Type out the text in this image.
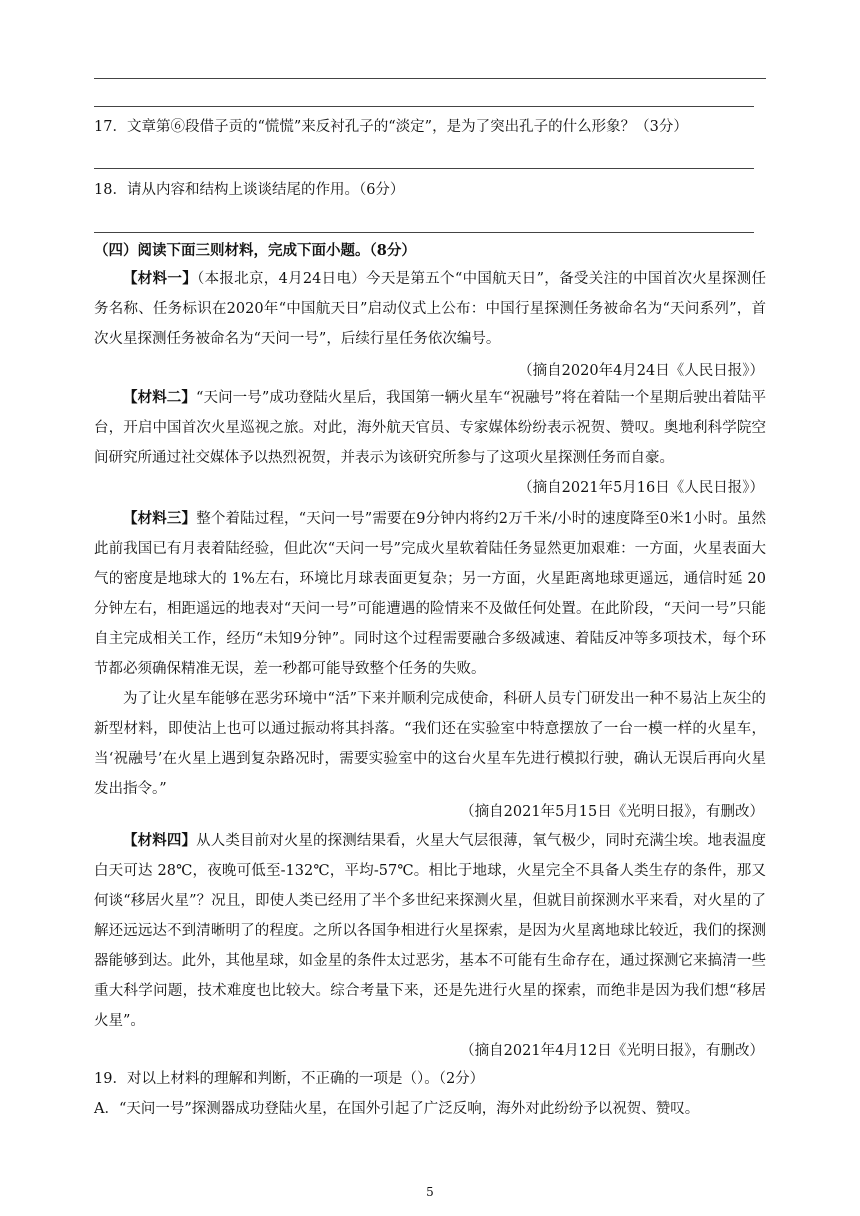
17．文章第⑥段借子贡的“慌慌”来反衬孔子的“淡定”，是为了突出孔子的什么形象？（3分）
18．请从内容和结构上谈谈结尾的作用。（6分）
（四）阅读下面三则材料，完成下面小题。（8分）

【材料一】（本报北京，4月24日电）今天是第五个“中国航天日”，备受关注的中国首次火星探测任务名称、任务标识在2020年“中国航天日”启动仪式上公布：中国行星探测任务被命名为“天问系列”，首次火星探测任务被命名为“天问一号”，后续行星任务依次编号。

（摘自2020年4月24日《人民日报》）

【材料二】“天问一号”成功登陆火星后，我国第一辆火星车“祝融号”将在着陆一个星期后驶出着陆平台，开启中国首次火星巡视之旅。对此，海外航天官员、专家媒体纷纷表示祝贺、赞叹。奥地利科学院空间研究所通过社交媒体予以热烈祝贺，并表示为该研究所参与了这项火星探测任务而自豪。

（摘自2021年5月16日《人民日报》）

【材料三】整个着陆过程，“天问一号”需要在9分钟内将约2万千米/小时的速度降至0米1小时。虽然此前我国已有月表着陆经验，但此次“天问一号”完成火星软着陆任务显然更加艰难：一方面，火星表面大气的密度是地球大的 1%左右，环境比月球表面更复杂；另一方面，火星距离地球更遥远，通信时延 20 分钟左右，相距遥远的地表对“天问一号”可能遭遇的险情来不及做任何处置。在此阶段，“天问一号”只能自主完成相关工作，经历“未知9分钟”。同时这个过程需要融合多级减速、着陆反冲等多项技术，每个环节都必须确保精准无误，差一秒都可能导致整个任务的失败。

为了让火星车能够在恶劣环境中“活”下来并顺利完成使命，科研人员专门研发出一种不易沾上灰尘的新型材料，即使沾上也可以通过振动将其抖落。“我们还在实验室中特意摆放了一台一模一样的火星车，当‘祝融号’在火星上遇到复杂路况时，需要实验室中的这台火星车先进行模拟行驶，确认无误后再向火星发出指令。”

（摘自2021年5月15日《光明日报》，有删改）

【材料四】从人类目前对火星的探测结果看，火星大气层很薄，氧气极少，同时充满尘埃。地表温度白天可达 28℃，夜晚可低至-132℃，平均-57℃。相比于地球，火星完全不具备人类生存的条件，那又何谈“移居火星”？况且，即使人类已经用了半个多世纪来探测火星，但就目前探测水平来看，对火星的了解还远远达不到清晰明了的程度。之所以各国争相进行火星探索，是因为火星离地球比较近，我们的探测器能够到达。此外，其他星球，如金星的条件太过恶劣，基本不可能有生命存在，通过探测它来搞清一些重大科学问题，技术难度也比较大。综合考量下来，还是先进行火星的探索，而绝非是因为我们想“移居火星”。

（摘自2021年4月12日《光明日报》，有删改）
19．对以上材料的理解和判断，不正确的一项是（）。（2分）
A．“天问一号”探测器成功登陆火星，在国外引起了广泛反响，海外对此纷纷予以祝贺、赞叹。
5
